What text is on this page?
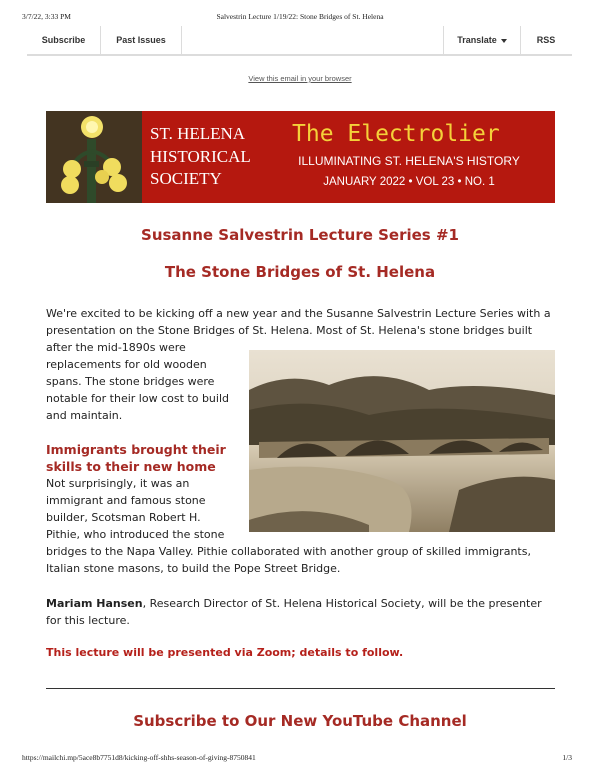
3/7/22, 3:33 PM	Salvestrin Lecture 1/19/22: Stone Bridges of St. Helena
Subscribe	Past Issues	Translate	RSS
View this email in your browser
ST. HELENA
HISTORICAL
SOCIETY
The Electrolier
ILLUMINATING ST. HELENA'S HISTORY
JANUARY 2022 • VOL 23 • NO. 1
Susanne Salvestrin Lecture Series #1
The Stone Bridges of St. Helena
We're excited to be kicking off a new year and the Susanne Salvestrin Lecture Series with a presentation on the Stone Bridges of St. Helena. Most of St. Helena's stone bridges built
after the mid-1890s were replacements for old wooden spans. The stone bridges were notable for their low cost to build and maintain.
Immigrants brought their skills to their new home
Not surprisingly, it was an immigrant and famous stone builder, Scotsman Robert H. Pithie, who introduced the stone
bridges to the Napa Valley. Pithie collaborated with another group of skilled immigrants, Italian stone masons, to build the Pope Street Bridge.
Mariam Hansen, Research Director of St. Helena Historical Society, will be the presenter for this lecture.
This lecture will be presented via Zoom; details to follow.
Subscribe to Our New YouTube Channel
https://mailchi.mp/5ace8b7751d8/kicking-off-shhs-season-of-giving-8750841	1/3
